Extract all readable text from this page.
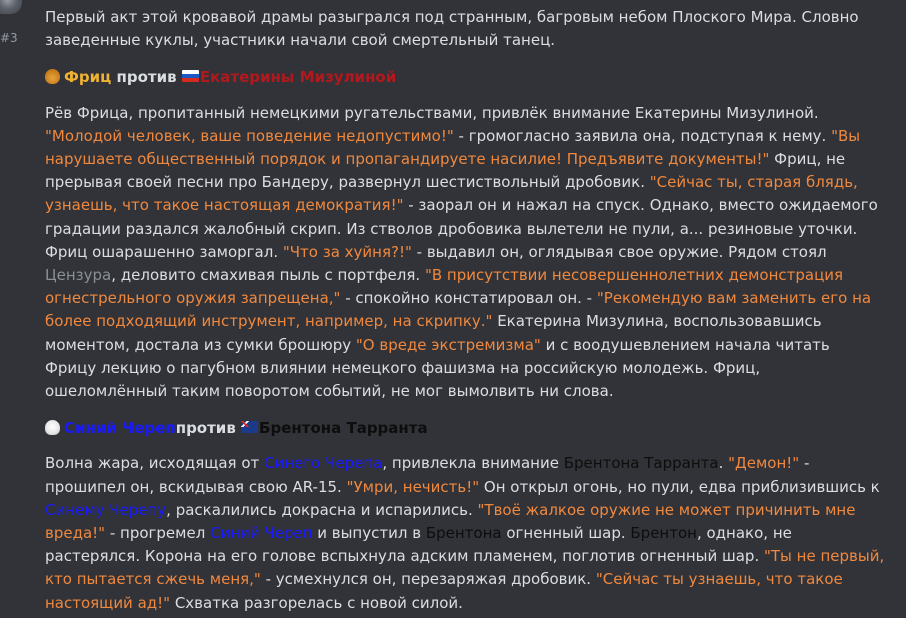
#3

Первый акт этой кровавой драмы разыгрался под странным, багровым небом Плоского Мира. Словно заведенные куклы, участники начали свой смертельный танец.

Фриц против Екатерины Мизулиной

Рёв Фрица, пропитанный немецкими ругательствами, привлёк внимание Екатерины Мизулиной. "Молодой человек, ваше поведение недопустимо!" - громогласно заявила она, подступая к нему. "Вы нарушаете общественный порядок и пропагандируете насилие! Предъявите документы!" Фриц, не прерывая своей песни про Бандеру, развернул шестиствольный дробовик. "Сейчас ты, старая блядь, узнаешь, что такое настоящая демократия!" - заорал он и нажал на спуск. Однако, вместо ожидаемого градации раздался жалобный скрип. Из стволов дробовика вылетели не пули, а... резиновые уточки. Фриц ошарашенно заморгал. "Что за хуйня?!" - выдавил он, оглядывая свое оружие. Рядом стоял Цензура, деловито смахивая пыль с портфеля. "В присутствии несовершеннолетних демонстрация огнестрельного оружия запрещена," - спокойно констатировал он. - "Рекомендую вам заменить его на более подходящий инструмент, например, на скрипку." Екатерина Мизулина, воспользовавшись моментом, достала из сумки брошюру "О вреде экстремизма" и с воодушевлением начала читать Фрицу лекцию о пагубном влиянии немецкого фашизма на российскую молодежь. Фриц, ошеломлённый таким поворотом событий, не мог вымолвить ни слова.

Синий Череппротив Брентона Тарранта

Волна жара, исходящая от Синего Черепа, привлекла внимание Брентона Тарранта. "Демон!" - прошипел он, вскидывая свою AR-15. "Умри, нечисть!" Он открыл огонь, но пули, едва приблизившись к Синему Черепу, раскалились докрасна и испарились. "Твоё жалкое оружие не может причинить мне вреда!" - прогремел Синий Череп и выпустил в Брентона огненный шар. Брентон, однако, не растерялся. Корона на его голове вспыхнула адским пламенем, поглотив огненный шар. "Ты не первый, кто пытается сжечь меня," - усмехнулся он, перезаряжая дробовик. "Сейчас ты узнаешь, что такое настоящий ад!" Схватка разгорелась с новой силой.
